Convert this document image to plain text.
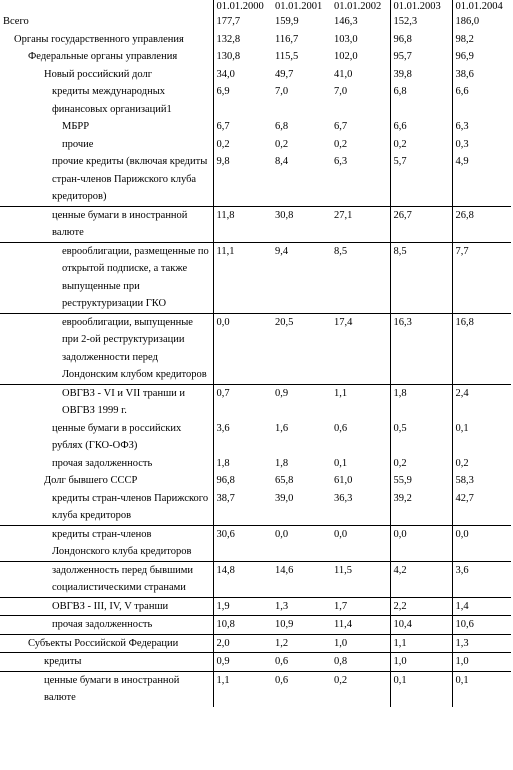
	01.01.2000	01.01.2001	01.01.2002	01.01.2003	01.01.2004
Всего	177,7	159,9	146,3	152,3	186,0
Органы государственного управления	132,8	116,7	103,0	96,8	98,2
Федеральные органы управления	130,8	115,5	102,0	95,7	96,9
Новый российский долг	34,0	49,7	41,0	39,8	38,6
кредиты международных финансовых организаций1	6,9	7,0	7,0	6,8	6,6
МБРР	6,7	6,8	6,7	6,6	6,3
прочие	0,2	0,2	0,2	0,2	0,3
прочие кредиты (включая кредиты стран-членов Парижского клуба кредиторов)	9,8	8,4	6,3	5,7	4,9
ценные бумаги в иностранной валюте	11,8	30,8	27,1	26,7	26,8
еврооблигации, размещенные по открытой подписке, а также выпущенные при реструктуризации ГКО	11,1	9,4	8,5	8,5	7,7
еврооблигации, выпущенные при 2-ой реструктуризации задолженности перед Лондонским клубом кредиторов	0,0	20,5	17,4	16,3	16,8
ОВГВЗ - VI и VII транши и ОВГВЗ 1999 г.	0,7	0,9	1,1	1,8	2,4
ценные бумаги в российских рублях (ГКО-ОФЗ)	3,6	1,6	0,6	0,5	0,1
прочая задолженность	1,8	1,8	0,1	0,2	0,2
Долг бывшего СССР	96,8	65,8	61,0	55,9	58,3
кредиты стран-членов Парижского клуба кредиторов	38,7	39,0	36,3	39,2	42,7
кредиты стран-членов Лондонского клуба кредиторов	30,6	0,0	0,0	0,0	0,0
задолженность перед бывшими социалистическими странами	14,8	14,6	11,5	4,2	3,6
ОВГВЗ - III, IV, V транши	1,9	1,3	1,7	2,2	1,4
прочая задолженность	10,8	10,9	11,4	10,4	10,6
Субъекты Российской Федерации	2,0	1,2	1,0	1,1	1,3
кредиты	0,9	0,6	0,8	1,0	1,0
ценные бумаги в иностранной валюте	1,1	0,6	0,2	0,1	0,1
